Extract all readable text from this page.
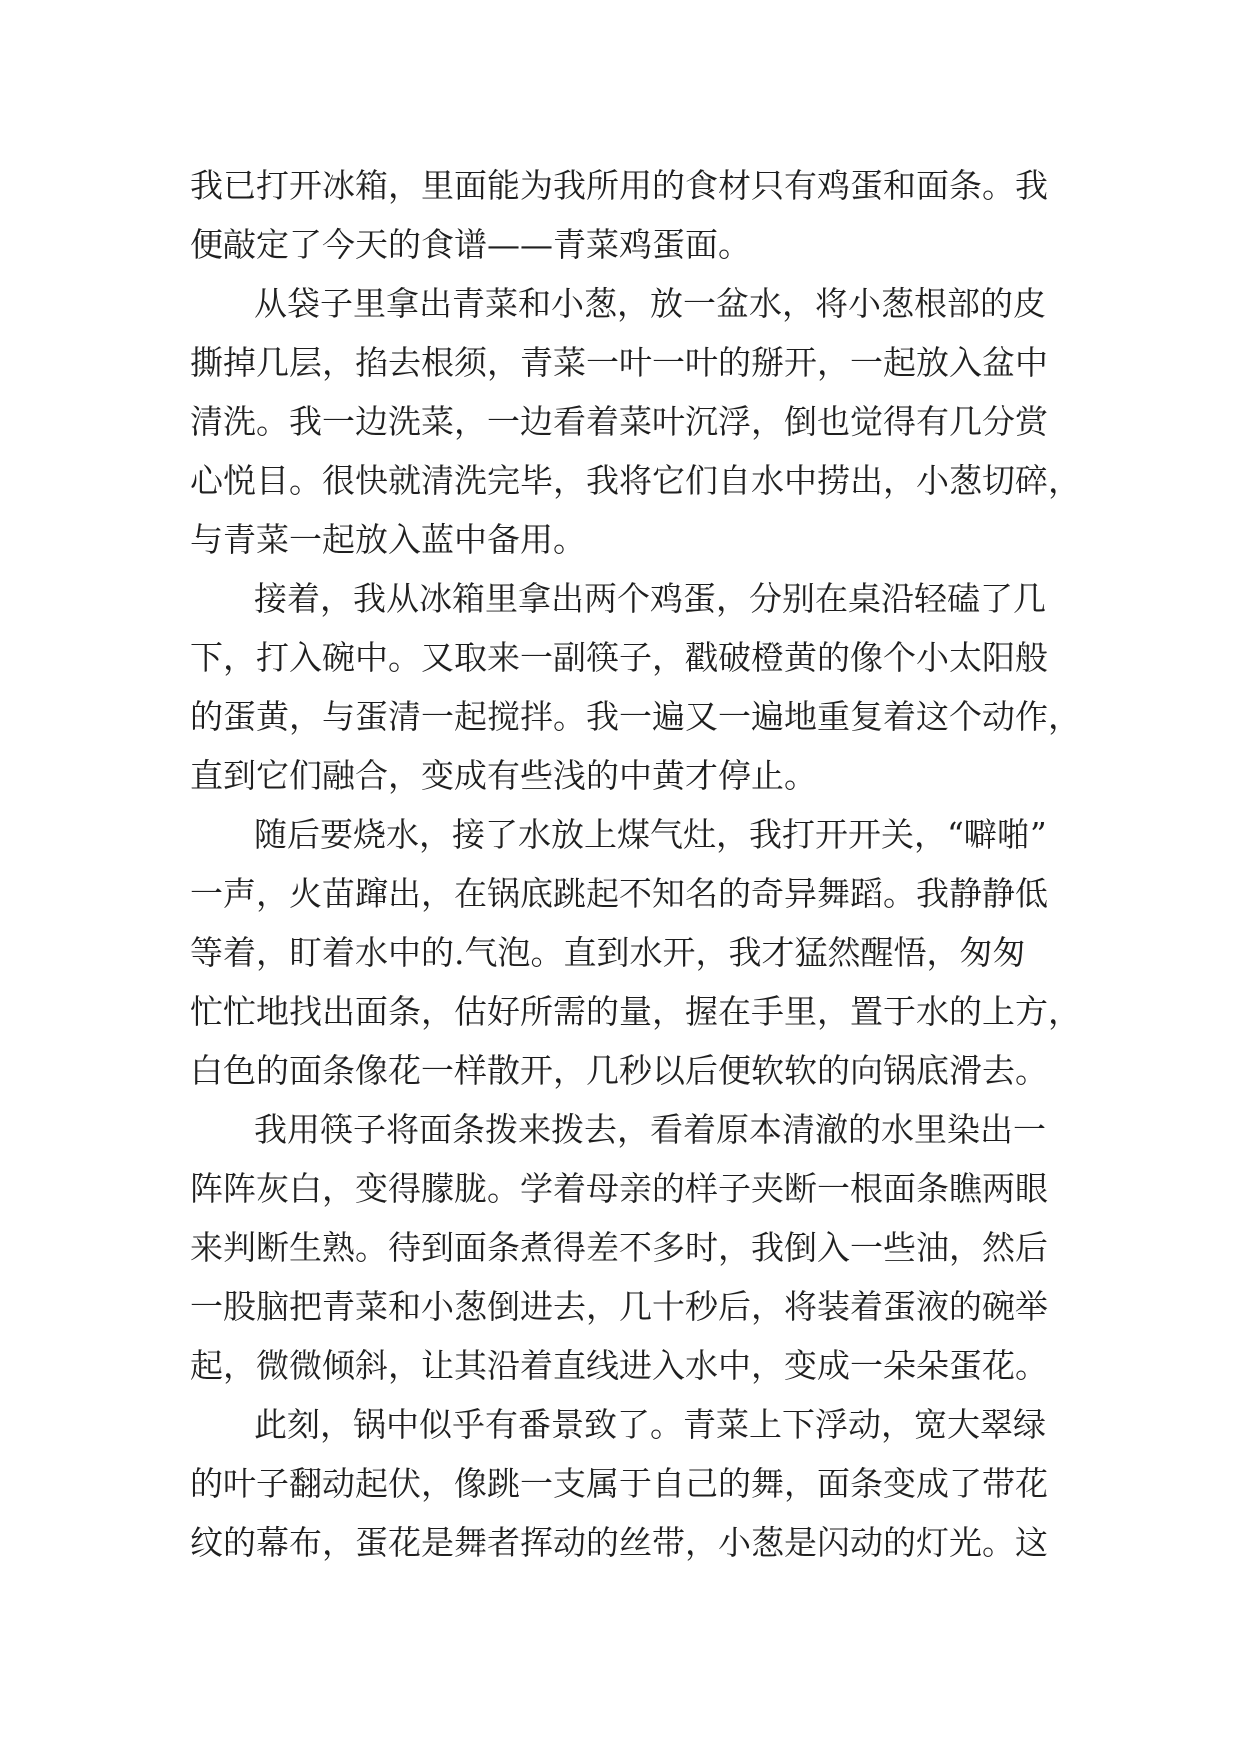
我已打开冰箱，里面能为我所用的食材只有鸡蛋和面条。我
便敲定了今天的食谱——青菜鸡蛋面。
从袋子里拿出青菜和小葱，放一盆水，将小葱根部的皮
撕掉几层，掐去根须，青菜一叶一叶的掰开，一起放入盆中
清洗。我一边洗菜，一边看着菜叶沉浮，倒也觉得有几分赏
心悦目。很快就清洗完毕，我将它们自水中捞出，小葱切碎，
与青菜一起放入蓝中备用。
接着，我从冰箱里拿出两个鸡蛋，分别在桌沿轻磕了几
下，打入碗中。又取来一副筷子，戳破橙黄的像个小太阳般
的蛋黄，与蛋清一起搅拌。我一遍又一遍地重复着这个动作，
直到它们融合，变成有些浅的中黄才停止。
随后要烧水，接了水放上煤气灶，我打开开关，“噼啪”
一声，火苗蹿出，在锅底跳起不知名的奇异舞蹈。我静静低
等着，盯着水中的.气泡。直到水开，我才猛然醒悟，匆匆
忙忙地找出面条，估好所需的量，握在手里，置于水的上方，
白色的面条像花一样散开，几秒以后便软软的向锅底滑去。
我用筷子将面条拨来拨去，看着原本清澈的水里染出一
阵阵灰白，变得朦胧。学着母亲的样子夹断一根面条瞧两眼
来判断生熟。待到面条煮得差不多时，我倒入一些油，然后
一股脑把青菜和小葱倒进去，几十秒后，将装着蛋液的碗举
起，微微倾斜，让其沿着直线进入水中，变成一朵朵蛋花。
此刻，锅中似乎有番景致了。青菜上下浮动，宽大翠绿
的叶子翻动起伏，像跳一支属于自己的舞，面条变成了带花
纹的幕布，蛋花是舞者挥动的丝带，小葱是闪动的灯光。这
